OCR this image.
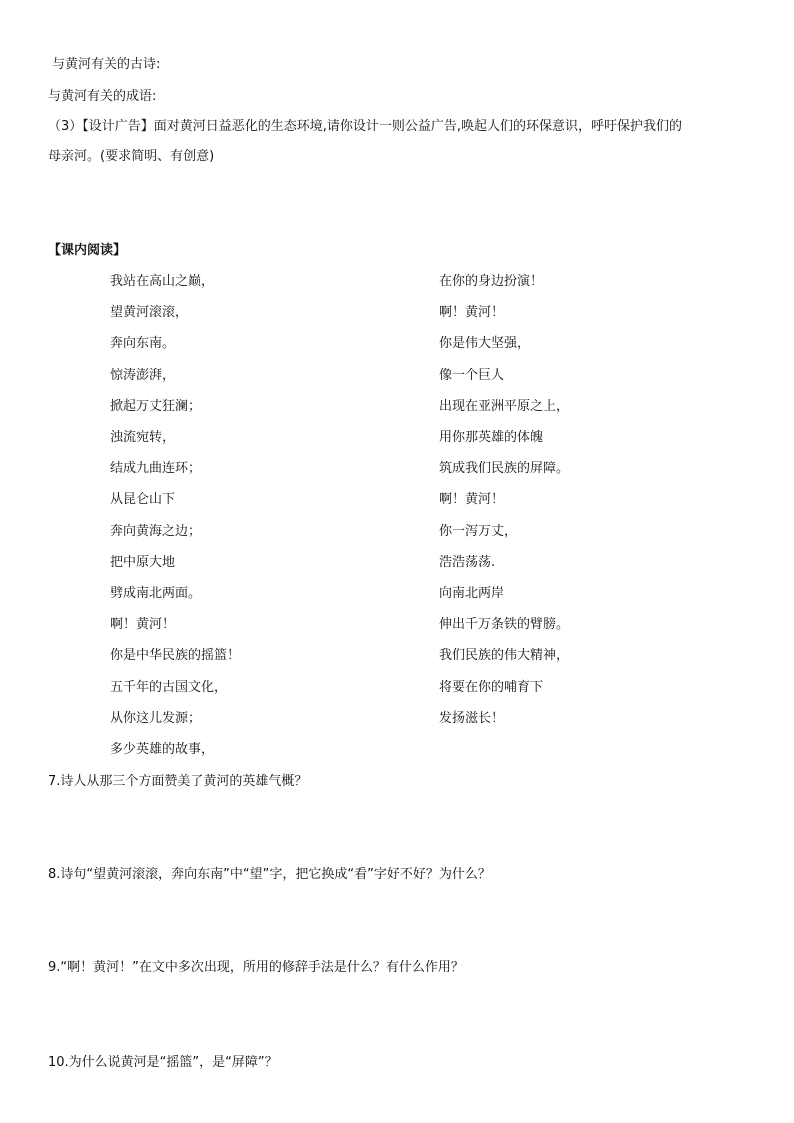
与黄河有关的古诗:
与黄河有关的成语:
（3）【设计广告】面对黄河日益恶化的生态环境,请你设计一则公益广告,唤起人们的环保意识，呼吁保护我们的
母亲河。(要求简明、有创意)
【课内阅读】
我站在高山之巅，
望黄河滚滚，
奔向东南。
惊涛澎湃，
掀起万丈狂澜；
浊流宛转，
结成九曲连环；
从昆仑山下
奔向黄海之边；
把中原大地
劈成南北两面。
啊！黄河！
你是中华民族的摇篮！
五千年的古国文化，
从你这儿发源；
多少英雄的故事，
在你的身边扮演！
啊！黄河！
你是伟大坚强，
像一个巨人
出现在亚洲平原之上，
用你那英雄的体魄
筑成我们民族的屏障。
啊！黄河！
你一泻万丈，
浩浩荡荡.
向南北两岸
伸出千万条铁的臂膀。
我们民族的伟大精神，
将要在你的哺育下
发扬滋长！
7.诗人从那三个方面赞美了黄河的英雄气概？
8.诗句“望黄河滚滚，奔向东南”中“望”字，把它换成“看”字好不好？为什么？
9.“啊！黄河！”在文中多次出现，所用的修辞手法是什么？有什么作用？
10.为什么说黄河是“摇篮”，是“屏障”？
